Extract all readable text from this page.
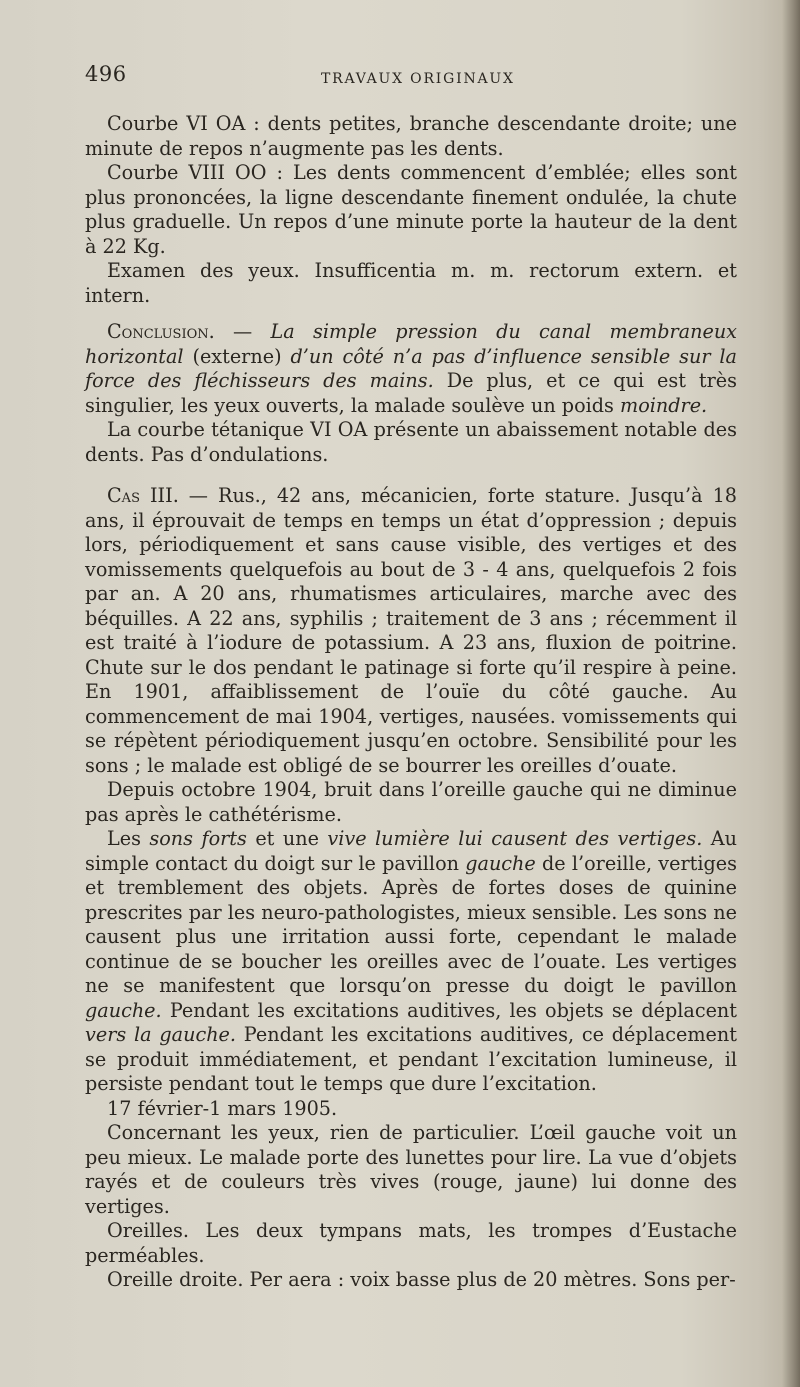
496	TRAVAUX ORIGINAUX

Courbe VI OA : dents petites, branche descendante droite; une minute de repos n’augmente pas les dents.

Courbe VIII OO : Les dents commencent d’emblée; elles sont plus prononcées, la ligne descendante finement ondulée, la chute plus graduelle. Un repos d’une minute porte la hauteur de la dent à 22 Kg.

Examen des yeux. Insufficentia m. m. rectorum extern. et intern.

Conclusion. — La simple pression du canal membraneux horizontal (externe) d’un côté n’a pas d’influence sensible sur la force des fléchisseurs des mains. De plus, et ce qui est très singulier, les yeux ouverts, la malade soulève un poids moindre.

La courbe tétanique VI OA présente un abaissement notable des dents. Pas d’ondulations.

Cas III. — Rus., 42 ans, mécanicien, forte stature. Jusqu’à 18 ans, il éprouvait de temps en temps un état d’oppression ; depuis lors, périodiquement et sans cause visible, des vertiges et des vomissements quelquefois au bout de 3 - 4 ans, quelquefois 2 fois par an. A 20 ans, rhumatismes articulaires, marche avec des béquilles. A 22 ans, syphilis ; traitement de 3 ans ; récemment il est traité à l’iodure de potassium. A 23 ans, fluxion de poitrine. Chute sur le dos pendant le patinage si forte qu’il respire à peine. En 1901, affaiblissement de l’ouïe du côté gauche. Au commencement de mai 1904, vertiges, nausées. vomissements qui se répètent périodiquement jusqu’en octobre. Sensibilité pour les sons ; le malade est obligé de se bourrer les oreilles d’ouate.

Depuis octobre 1904, bruit dans l’oreille gauche qui ne diminue pas après le cathétérisme.

Les sons forts et une vive lumière lui causent des vertiges. Au simple contact du doigt sur le pavillon gauche de l’oreille, vertiges et tremblement des objets. Après de fortes doses de quinine prescrites par les neuro-pathologistes, mieux sensible. Les sons ne causent plus une irritation aussi forte, cependant le malade continue de se boucher les oreilles avec de l’ouate. Les vertiges ne se manifestent que lorsqu’on presse du doigt le pavillon gauche. Pendant les excitations auditives, les objets se déplacent vers la gauche. Pendant les excitations auditives, ce déplacement se produit immédiatement, et pendant l’excitation lumineuse, il persiste pendant tout le temps que dure l’excitation.

17 février-1 mars 1905.

Concernant les yeux, rien de particulier. L’œil gauche voit un peu mieux. Le malade porte des lunettes pour lire. La vue d’objets rayés et de couleurs très vives (rouge, jaune) lui donne des vertiges.

Oreilles. Les deux tympans mats, les trompes d’Eustache perméables.

Oreille droite. Per aera : voix basse plus de 20 mètres. Sons per-
